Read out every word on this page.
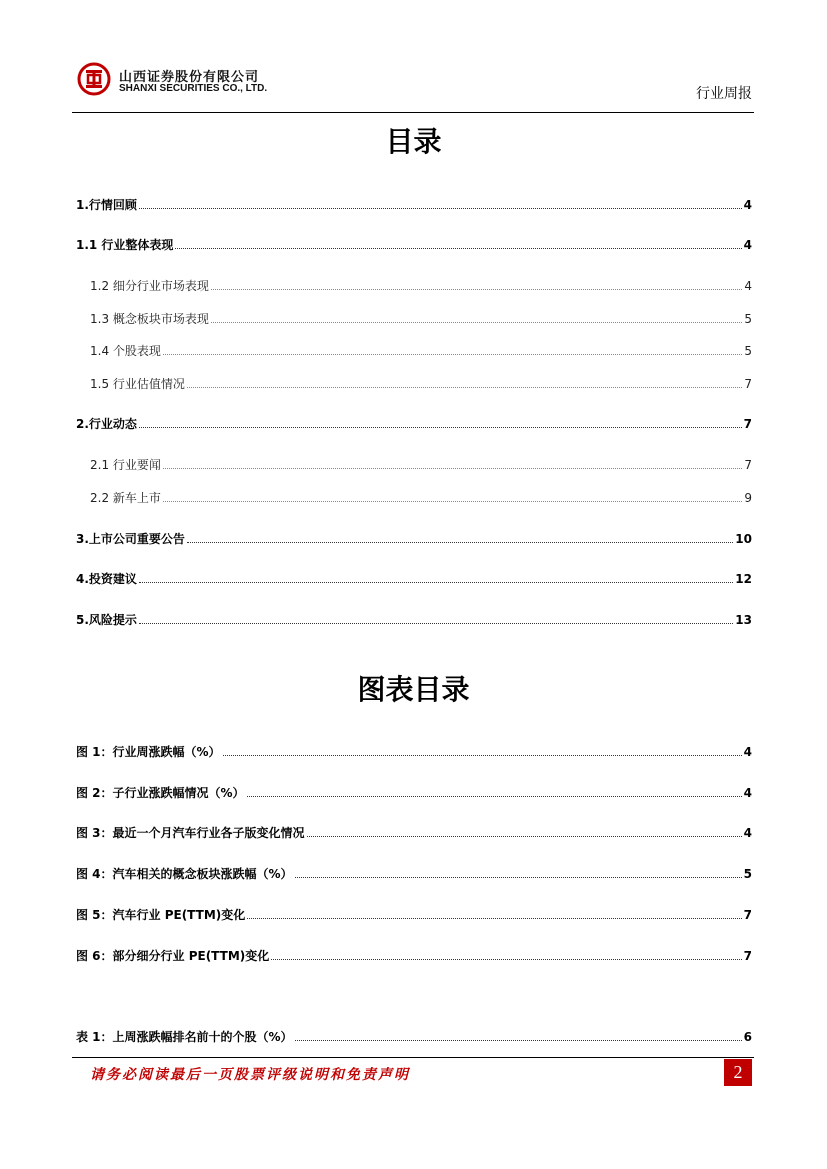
山西证券股份有限公司
SHANXI SECURITIES CO., LTD.	行业周报
目录
1.行情回顾	4
1.1 行业整体表现	4
1.2 细分行业市场表现	4
1.3 概念板块市场表现	5
1.4 个股表现	5
1.5 行业估值情况	7
2.行业动态	7
2.1 行业要闻	7
2.2 新车上市	9
3.上市公司重要公告	10
4.投资建议	12
5.风险提示	13
图表目录
图 1：行业周涨跌幅（%）	4
图 2：子行业涨跌幅情况（%）	4
图 3：最近一个月汽车行业各子版变化情况	4
图 4：汽车相关的概念板块涨跌幅（%）	5
图 5：汽车行业 PE(TTM)变化	7
图 6：部分细分行业 PE(TTM)变化	7
表 1：上周涨跌幅排名前十的个股（%）	6
请务必阅读最后一页股票评级说明和免责声明	2
